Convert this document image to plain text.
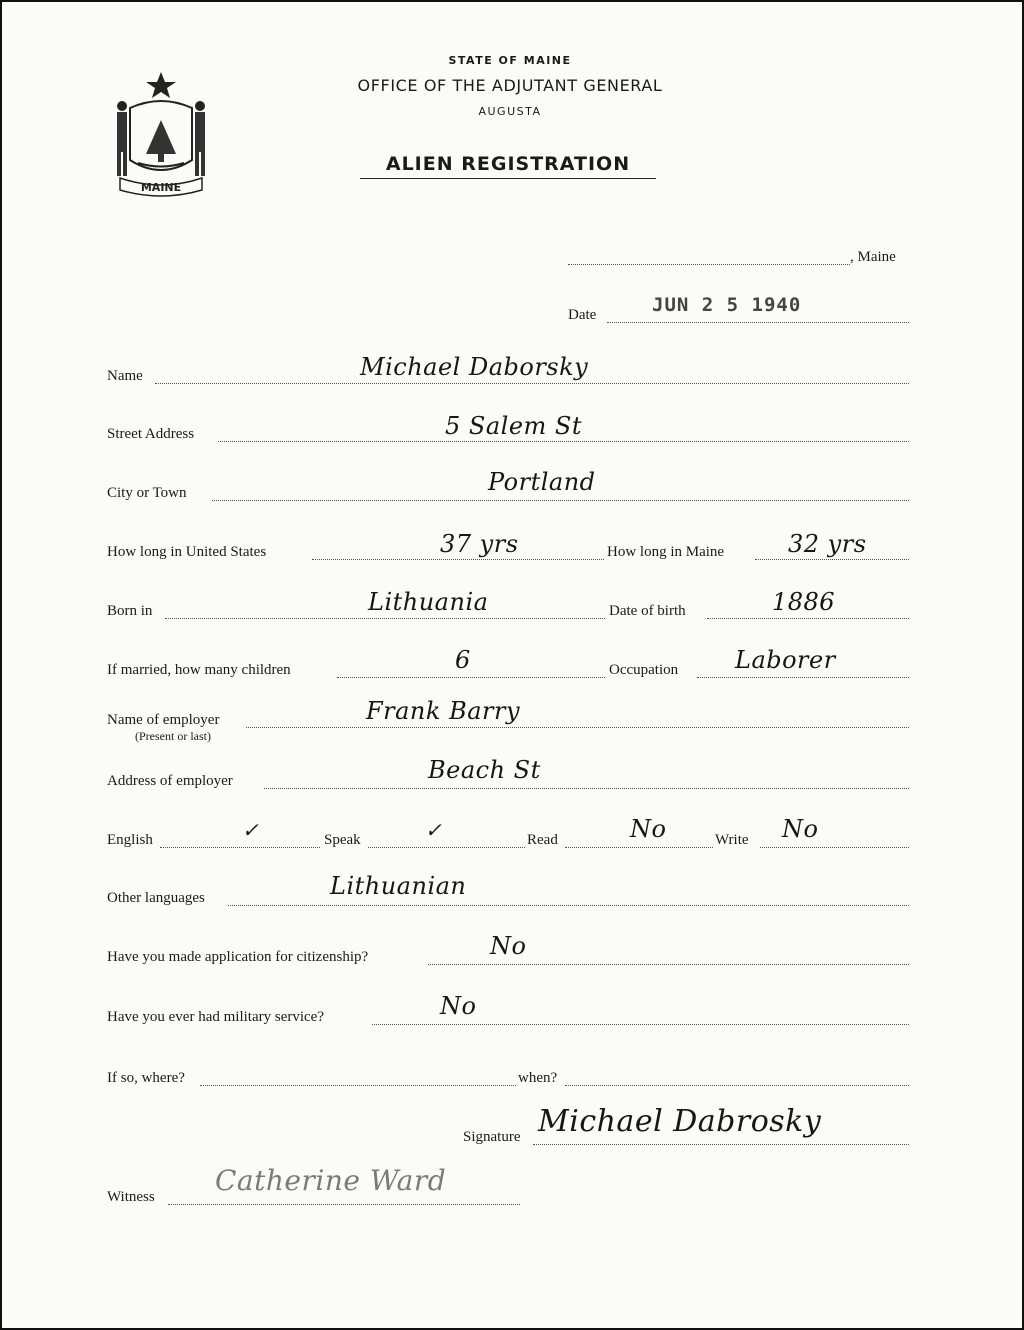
MAINE
STATE OF MAINE
OFFICE OF THE ADJUTANT GENERAL
AUGUSTA
ALIEN REGISTRATION
, Maine
Date	JUN 2 5 1940
Name	Michael Daborsky
Street Address	5 Salem St
City or Town	Portland
How long in United States	37 yrs	How long in Maine	32 yrs
Born in	Lithuania	Date of birth	1886
If married, how many children	6	Occupation Laborer
Name of employer
(Present or last)
Frank Barry
Address of employer	Beach St
English	✓	Speak	✓	Read	No	Write No
Other languages	Lithuanian
Have you made application for citizenship?	No
Have you ever had military service?	No
If so, where?	when?
Signature Michael Dabrosky
Witness Catherine Ward
